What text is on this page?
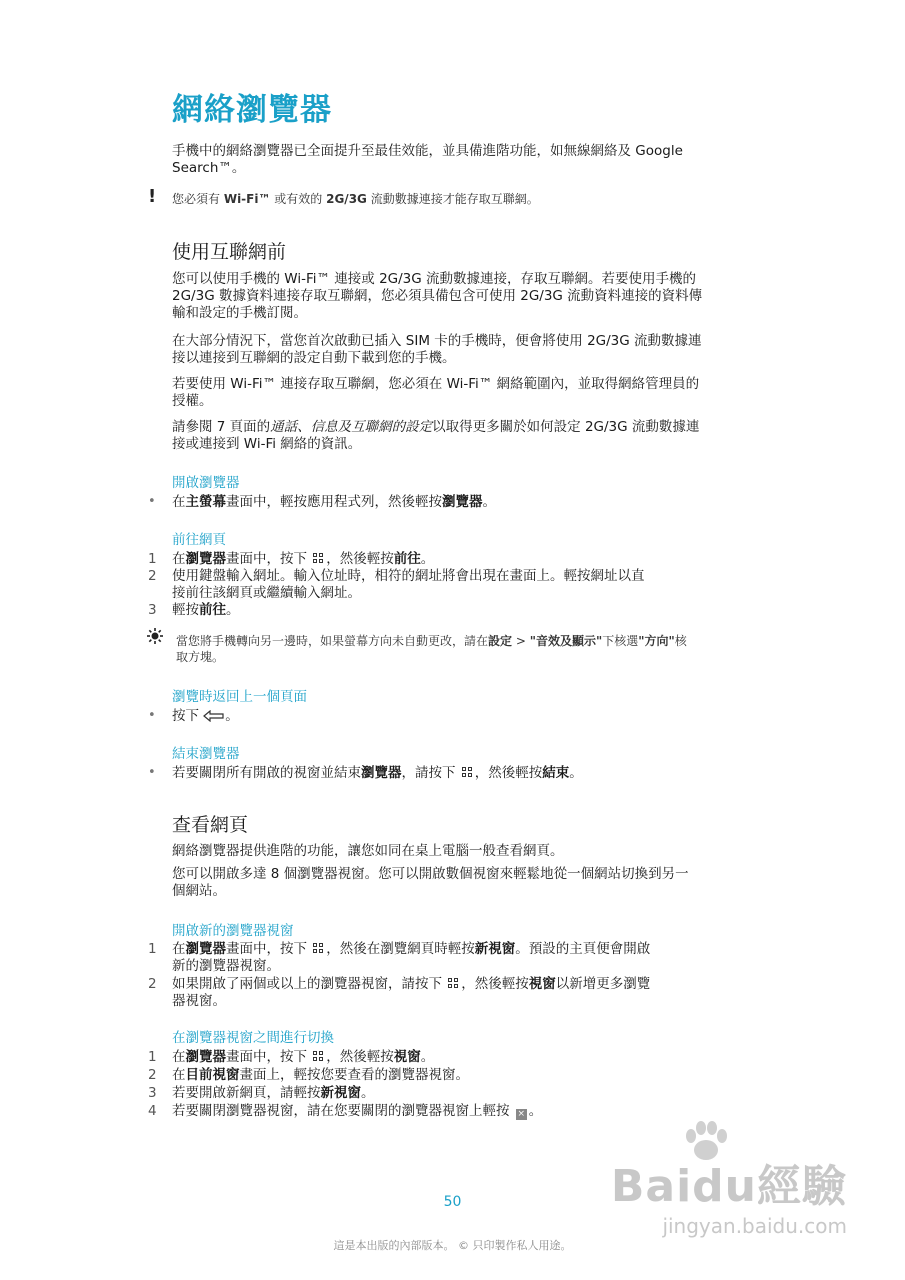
網絡瀏覽器
手機中的網絡瀏覽器已全面提升至最佳效能，並具備進階功能，如無線網絡及 Google
Search™。
! 您必須有 Wi-Fi™ 或有效的 2G/3G 流動數據連接才能存取互聯網。
使用互聯網前
您可以使用手機的 Wi-Fi™ 連接或 2G/3G 流動數據連接，存取互聯網。若要使用手機的
2G/3G 數據資料連接存取互聯網，您必須具備包含可使用 2G/3G 流動資料連接的資料傳
輸和設定的手機訂閱。
在大部分情況下，當您首次啟動已插入 SIM 卡的手機時，便會將使用 2G/3G 流動數據連
接以連接到互聯網的設定自動下載到您的手機。
若要使用 Wi-Fi™ 連接存取互聯網，您必須在 Wi-Fi™ 網絡範圍內，並取得網絡管理員的
授權。
請參閱 7 頁面的通話、信息及互聯網的設定以取得更多關於如何設定 2G/3G 流動數據連
接或連接到 Wi-Fi 網絡的資訊。
開啟瀏覽器
• 在主螢幕畫面中，輕按應用程式列，然後輕按瀏覽器。
前往網頁
1 在瀏覽器畫面中，按下
，然後輕按前往。
2 使用鍵盤輸入網址。輸入位址時，相符的網址將會出現在畫面上。輕按網址以直
接前往該網頁或繼續輸入網址。
3 輕按前往。
當您將手機轉向另一邊時，如果螢幕方向未自動更改，請在設定 > "音效及顯示"下核選"方向"核
取方塊。
瀏覽時返回上一個頁面
• 按下 。
結束瀏覽器
• 若要關閉所有開啟的視窗並結束瀏覽器，請按下
，然後輕按結束。
查看網頁
網絡瀏覽器提供進階的功能，讓您如同在桌上電腦一般查看網頁。
您可以開啟多達 8 個瀏覽器視窗。您可以開啟數個視窗來輕鬆地從一個網站切換到另一
個網站。
開啟新的瀏覽器視窗
1 在瀏覽器畫面中，按下
，然後在瀏覽網頁時輕按新視窗。預設的主頁便會開啟
新的瀏覽器視窗。
2 如果開啟了兩個或以上的瀏覽器視窗，請按下
，然後輕按視窗以新增更多瀏覽
器視窗。
在瀏覽器視窗之間進行切換
1 在瀏覽器畫面中，按下
，然後輕按視窗。
2 在目前視窗畫面上，輕按您要查看的瀏覽器視窗。
3 若要開啟新網頁，請輕按新視窗。
4 若要關閉瀏覽器視窗，請在您要關閉的瀏覽器視窗上輕按 × 。
50
這是本出版的內部版本。 © 只印製作私人用途。
Baidu經驗
jingyan.baidu.com
